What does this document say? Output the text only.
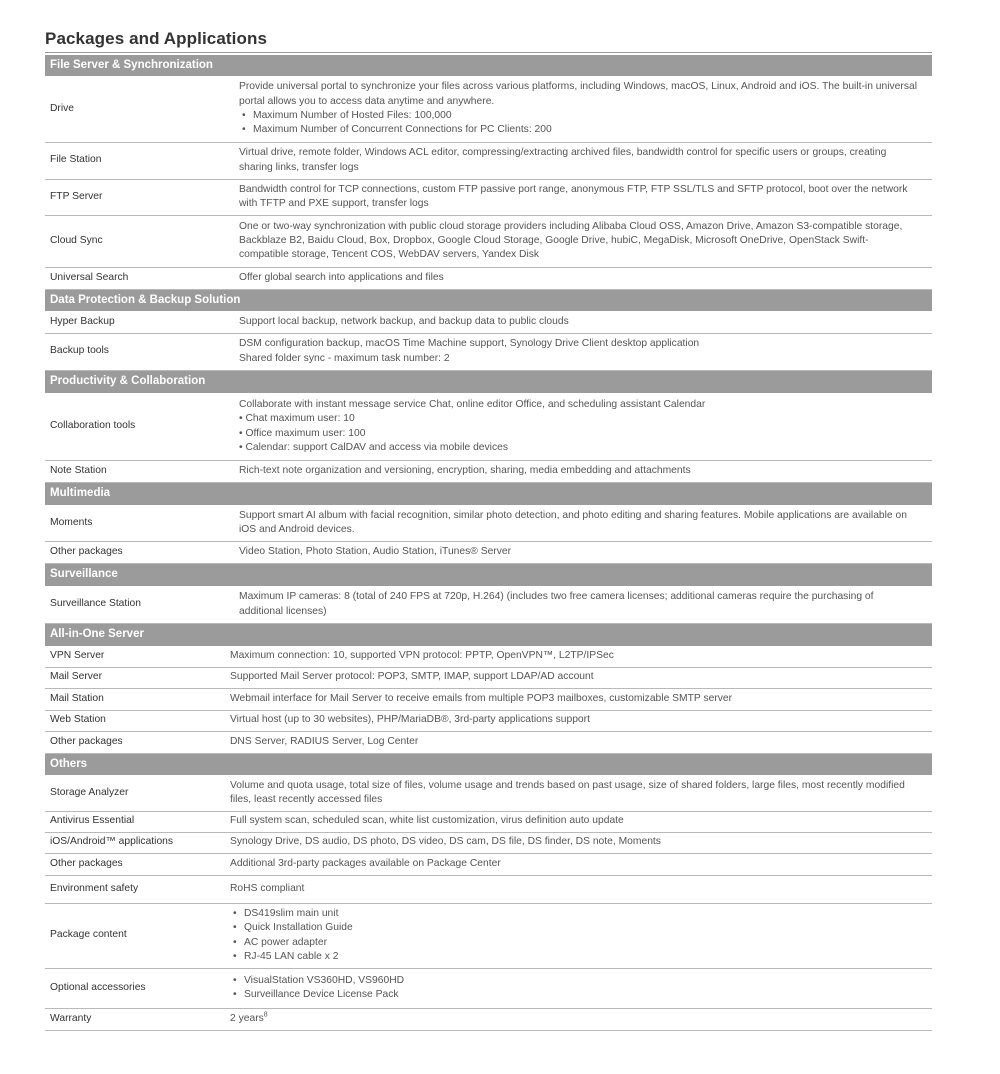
Packages and Applications
File Server & Synchronization	
Drive	Provide universal portal to synchronize your files across various platforms, including Windows, macOS, Linux, Android and iOS. The built-in universal portal allows you to access data anytime and anywhere.
• Maximum Number of Hosted Files: 100,000
• Maximum Number of Concurrent Connections for PC Clients: 200

File Station	Virtual drive, remote folder, Windows ACL editor, compressing/extracting archived files, bandwidth control for specific users or groups, creating sharing links, transfer logs
FTP Server	Bandwidth control for TCP connections, custom FTP passive port range, anonymous FTP, FTP SSL/TLS and SFTP protocol, boot over the network with TFTP and PXE support, transfer logs
Cloud Sync	One or two-way synchronization with public cloud storage providers including Alibaba Cloud OSS, Amazon Drive, Amazon S3-compatible storage, Backblaze B2, Baidu Cloud, Box, Dropbox, Google Cloud Storage, Google Drive, hubiC, MegaDisk, Microsoft OneDrive, OpenStack Swift-compatible storage, Tencent COS, WebDAV servers, Yandex Disk
Universal Search	Offer global search into applications and files
Data Protection & Backup Solution	
Hyper Backup	Support local backup, network backup, and backup data to public clouds
Backup tools	DSM configuration backup, macOS Time Machine support, Synology Drive Client desktop application
Shared folder sync - maximum task number: 2

Productivity & Collaboration	
Collaboration tools	Collaborate with instant message service Chat, online editor Office, and scheduling assistant Calendar
• Chat maximum user: 10
• Office maximum user: 100
• Calendar: support CalDAV and access via mobile devices

Note Station	Rich-text note organization and versioning, encryption, sharing, media embedding and attachments
Multimedia	
Moments	Support smart AI album with facial recognition, similar photo detection, and photo editing and sharing features. Mobile applications are available on iOS and Android devices.
Other packages	Video Station, Photo Station, Audio Station, iTunes® Server
Surveillance	
Surveillance Station	Maximum IP cameras: 8 (total of 240 FPS at 720p, H.264) (includes two free camera licenses; additional cameras require the purchasing of additional licenses)
All-in-One Server	
VPN Server	Maximum connection: 10, supported VPN protocol: PPTP, OpenVPN™, L2TP/IPSec
Mail Server	Supported Mail Server protocol: POP3, SMTP, IMAP, support LDAP/AD account
Mail Station	Webmail interface for Mail Server to receive emails from multiple POP3 mailboxes, customizable SMTP server
Web Station	Virtual host (up to 30 websites), PHP/MariaDB®, 3rd-party applications support
Other packages	DNS Server, RADIUS Server, Log Center
Others	
Storage Analyzer	Volume and quota usage, total size of files, volume usage and trends based on past usage, size of shared folders, large files, most recently modified files, least recently accessed files
Antivirus Essential	Full system scan, scheduled scan, white list customization, virus definition auto update
iOS/Android™ applications	Synology Drive, DS audio, DS photo, DS video, DS cam, DS file, DS finder, DS note, Moments
Other packages	Additional 3rd-party packages available on Package Center
Environment safety	RoHS compliant
Package content	• DS419slim main unit
• Quick Installation Guide
• AC power adapter
• RJ-45 LAN cable x 2

Optional accessories	• VisualStation VS360HD, VS960HD
• Surveillance Device License Pack

Warranty	2 years$^8$
